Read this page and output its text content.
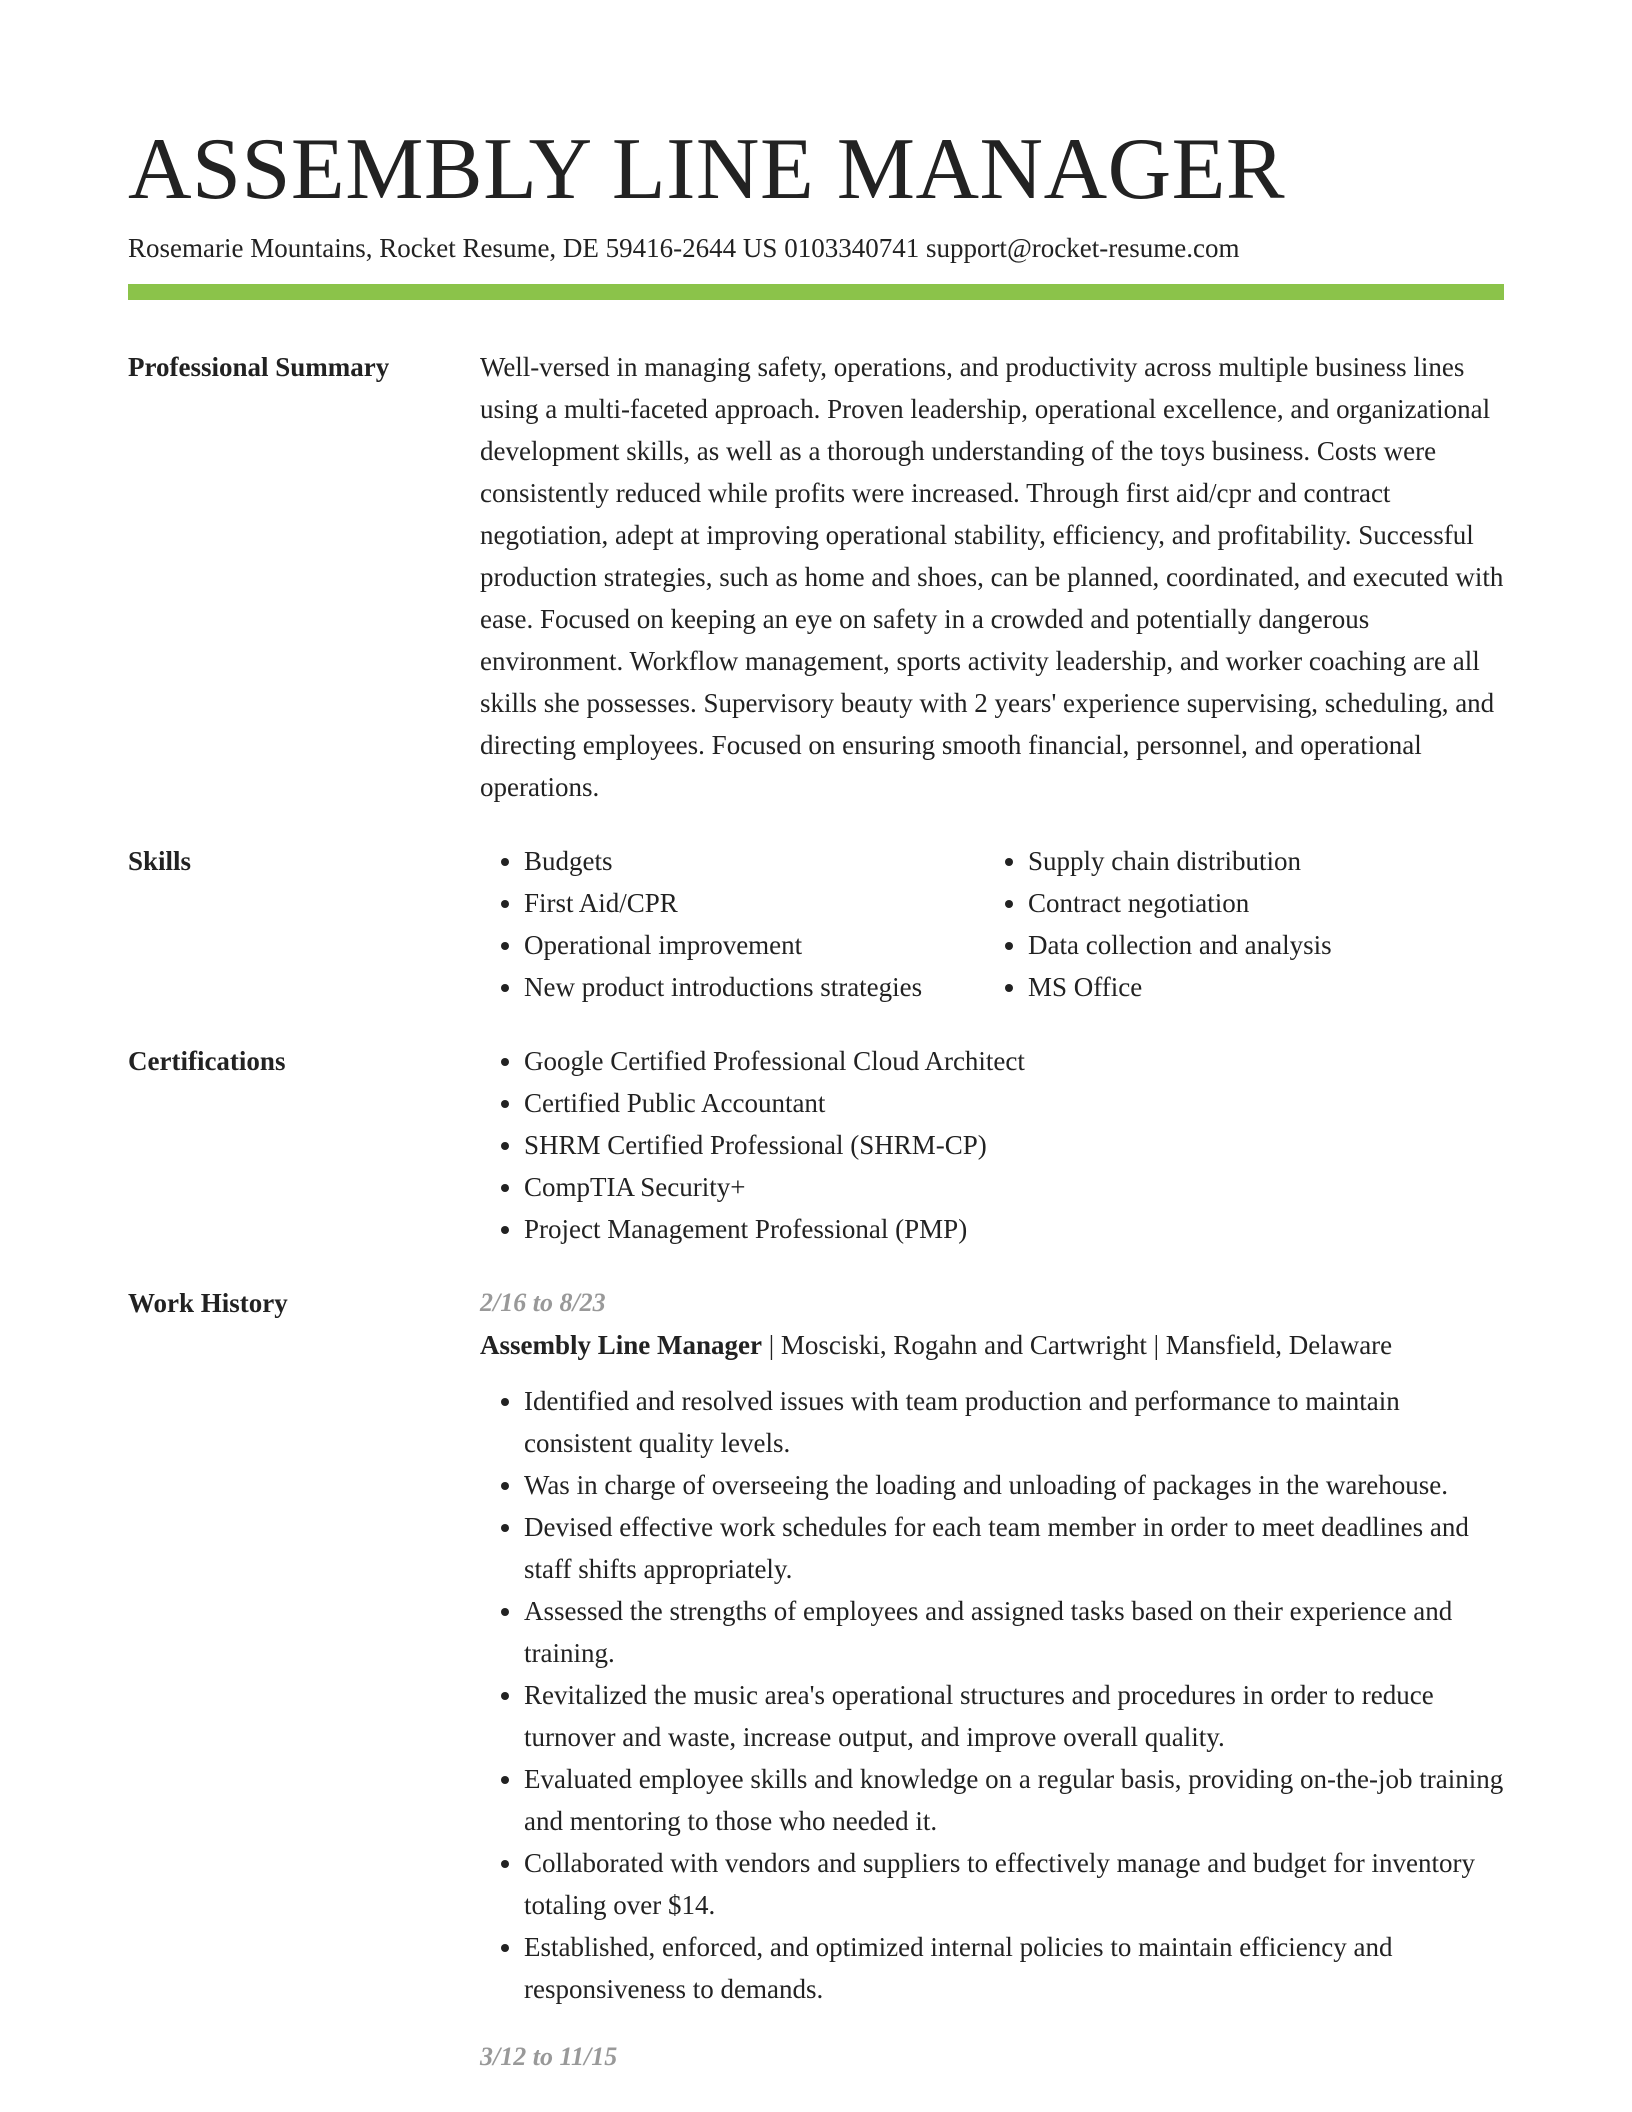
ASSEMBLY LINE MANAGER
Rosemarie Mountains, Rocket Resume, DE 59416-2644 US 0103340741 support@rocket-resume.com
Professional Summary	Well-versed in managing safety, operations, and productivity across multiple business lines using a multi-faceted approach. Proven leadership, operational excellence, and organizational development skills, as well as a thorough understanding of the toys business. Costs were consistently reduced while profits were increased. Through first aid/cpr and contract negotiation, adept at improving operational stability, efficiency, and profitability. Successful production strategies, such as home and shoes, can be planned, coordinated, and executed with ease. Focused on keeping an eye on safety in a crowded and potentially dangerous environment. Workflow management, sports activity leadership, and worker coaching are all skills she possesses. Supervisory beauty with 2 years' experience supervising, scheduling, and directing employees. Focused on ensuring smooth financial, personnel, and operational operations.

Skills	• Budgets
• First Aid/CPR
• Operational improvement
• New product introductions strategies
• Supply chain distribution
• Contract negotiation
• Data collection and analysis
• MS Office
Certifications	• Google Certified Professional Cloud Architect
• Certified Public Accountant
• SHRM Certified Professional (SHRM-CP)
• CompTIA Security+
• Project Management Professional (PMP)
Work History	2/16 to 8/23
Assembly Line Manager | Mosciski, Rogahn and Cartwright | Mansfield, Delaware
• Identified and resolved issues with team production and performance to maintain consistent quality levels.
• Was in charge of overseeing the loading and unloading of packages in the warehouse.
• Devised effective work schedules for each team member in order to meet deadlines and staff shifts appropriately.
• Assessed the strengths of employees and assigned tasks based on their experience and training.
• Revitalized the music area's operational structures and procedures in order to reduce turnover and waste, increase output, and improve overall quality.
• Evaluated employee skills and knowledge on a regular basis, providing on-the-job training and mentoring to those who needed it.
• Collaborated with vendors and suppliers to effectively manage and budget for inventory totaling over $14.
• Established, enforced, and optimized internal policies to maintain efficiency and responsiveness to demands.
3/12 to 11/15
